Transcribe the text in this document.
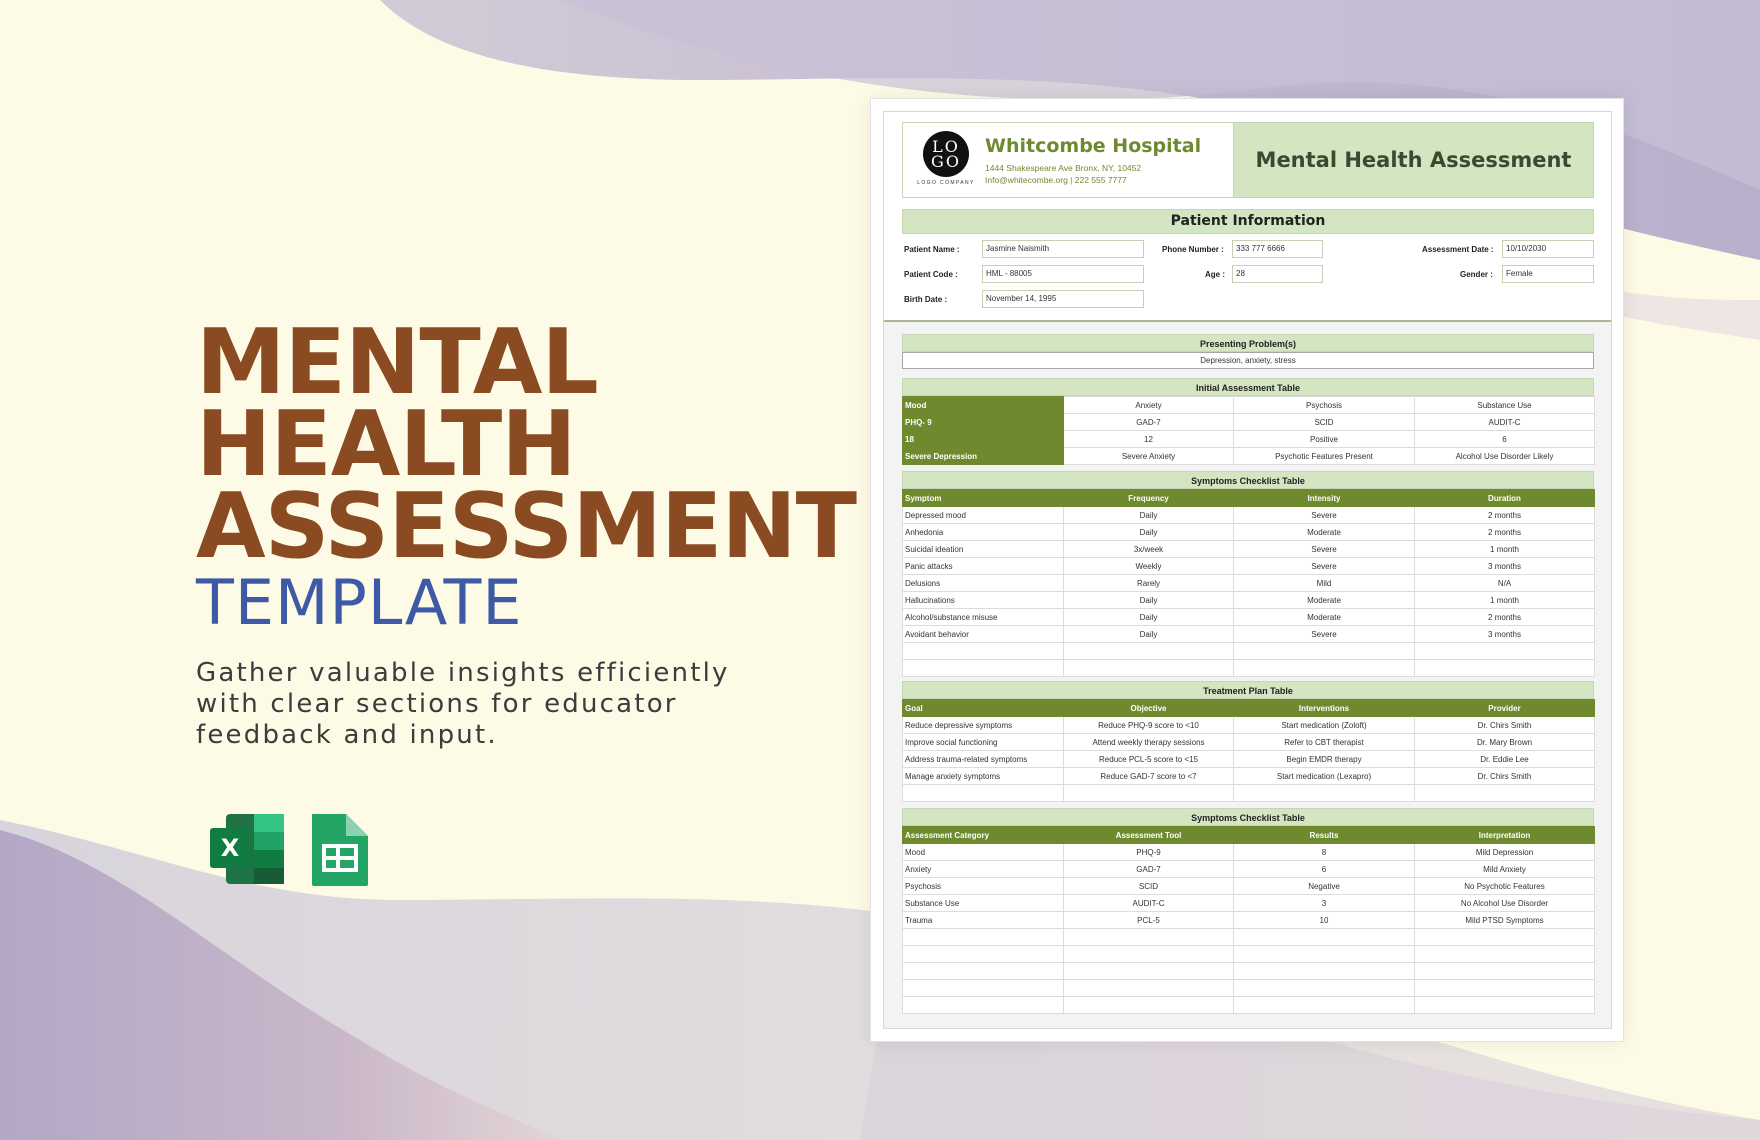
MENTAL
HEALTH
ASSESSMENT
TEMPLATE
Gather valuable insights efficiently with clear sections for educator feedback and input.
X
LO
GO
LOGO COMPANY
Whitcombe Hospital
1444 Shakespeare Ave Bronx, NY, 10452
Info@whitecombe.org | 222 555 7777
Mental Health Assessment
Patient Information
Patient Name :	Jasmine Naismith	Phone Number :	333 777 6666	Assessment Date :	10/10/2030
Patient Code :	HML - 88005	Age :	28	Gender :	Female
Birth Date :	November 14, 1995
Presenting Problem(s)
Depression, anxiety, stress
Initial Assessment Table
Mood	Anxiety	Psychosis	Substance Use
PHQ- 9	GAD-7	SCID	AUDIT-C
18	12	Positive	6
Severe Depression	Severe Anxiety	Psychotic Features Present	Alcohol Use Disorder Likely
Symptoms Checklist Table
Symptom	Frequency	Intensity	Duration
Depressed mood	Daily	Severe	2 months
Anhedonia	Daily	Moderate	2 months
Suicidal ideation	3x/week	Severe	1 month
Panic attacks	Weekly	Severe	3 months
Delusions	Rarely	Mild	N/A
Hallucinations	Daily	Moderate	1 month
Alcohol/substance misuse	Daily	Moderate	2 months
Avoidant behavior	Daily	Severe	3 months

Treatment Plan Table
Goal	Objective	Interventions	Provider
Reduce depressive symptoms	Reduce PHQ-9 score to <10	Start medication (Zoloft)	Dr. Chirs Smith
Improve social functioning	Attend weekly therapy sessions	Refer to CBT therapist	Dr. Mary Brown
Address trauma-related symptoms	Reduce PCL-5 score to <15	Begin EMDR therapy	Dr. Eddie Lee
Manage anxiety symptoms	Reduce GAD-7 score to <7	Start medication (Lexapro)	Dr. Chirs Smith

Symptoms Checklist Table
Assessment Category	Assessment Tool	Results	Interpretation
Mood	PHQ-9	8	Mild Depression
Anxiety	GAD-7	6	Mild Anxiety
Psychosis	SCID	Negative	No Psychotic Features
Substance Use	AUDIT-C	3	No Alcohol Use Disorder
Trauma	PCL-5	10	Mild PTSD Symptoms
